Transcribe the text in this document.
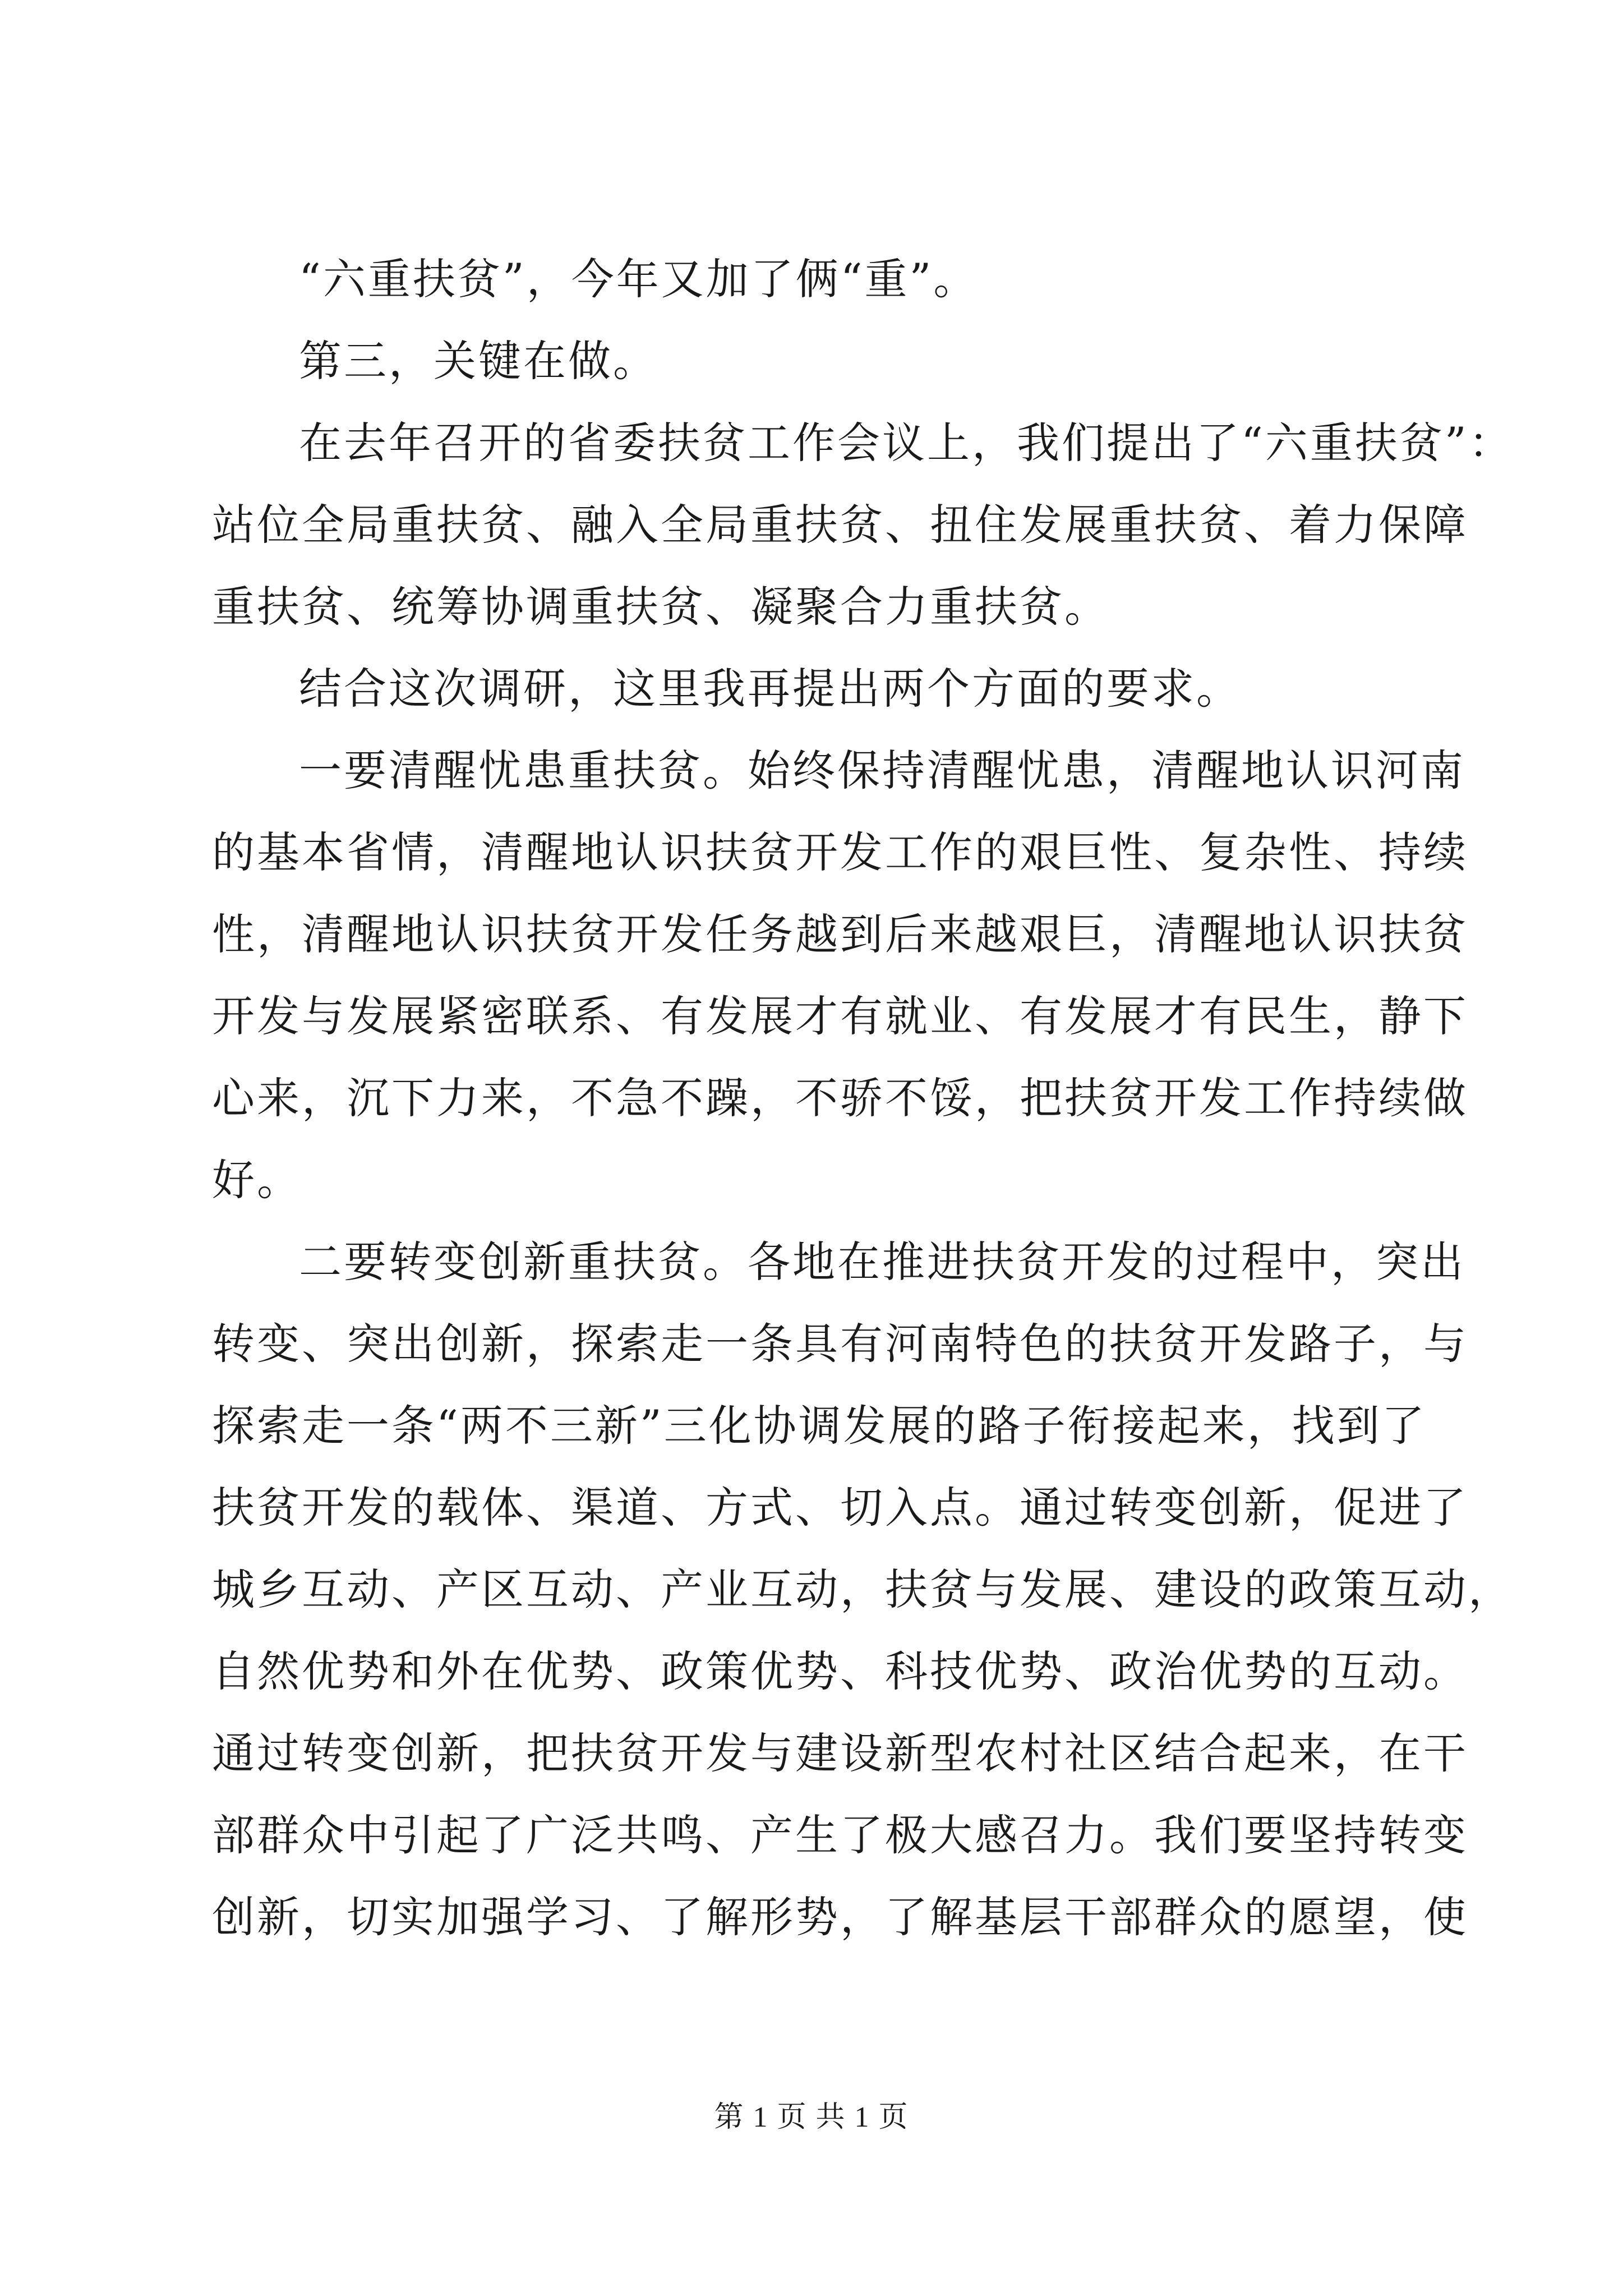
“六重扶贫”，今年又加了俩“重”。
第三，关键在做。
在去年召开的省委扶贫工作会议上，我们提出了“六重扶贫”：
站位全局重扶贫、融入全局重扶贫、扭住发展重扶贫、着力保障
重扶贫、统筹协调重扶贫、凝聚合力重扶贫。
结合这次调研，这里我再提出两个方面的要求。
一要清醒忧患重扶贫。始终保持清醒忧患，清醒地认识河南
的基本省情，清醒地认识扶贫开发工作的艰巨性、复杂性、持续
性，清醒地认识扶贫开发任务越到后来越艰巨，清醒地认识扶贫
开发与发展紧密联系、有发展才有就业、有发展才有民生，静下
心来，沉下力来，不急不躁，不骄不馁，把扶贫开发工作持续做
好。
二要转变创新重扶贫。各地在推进扶贫开发的过程中，突出
转变、突出创新，探索走一条具有河南特色的扶贫开发路子，与
探索走一条“两不三新”三化协调发展的路子衔接起来，找到了
扶贫开发的载体、渠道、方式、切入点。通过转变创新，促进了
城乡互动、产区互动、产业互动，扶贫与发展、建设的政策互动，
自然优势和外在优势、政策优势、科技优势、政治优势的互动。
通过转变创新，把扶贫开发与建设新型农村社区结合起来，在干
部群众中引起了广泛共鸣、产生了极大感召力。我们要坚持转变
创新，切实加强学习、了解形势，了解基层干部群众的愿望，使
第 1 页 共 1 页
